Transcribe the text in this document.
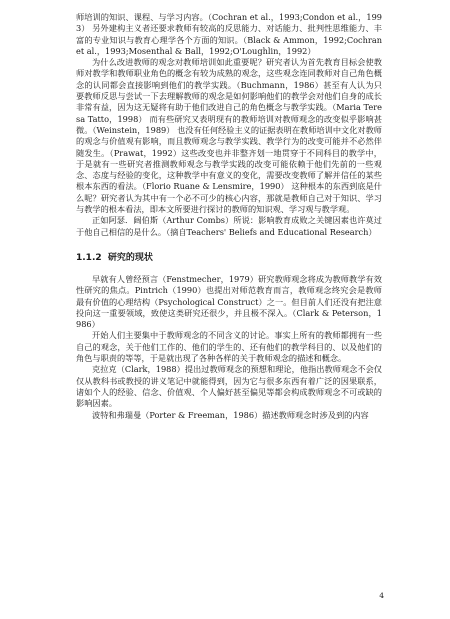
师培训的知识、课程、与学习内容。（Cochran et al.，1993;Condon et al.，1993） 另外建构主义者还要求教师有较高的反思能力、对话能力、批判性思维能力、丰富的专业知识与教育心理学各个方面的知识。（Black & Ammon，1992;Cochran et al.，1993;Mosenthal & Ball，1992;O'Loughlin，1992）

为什么改进教师的观念对教师培训如此重要呢？研究者认为首先教育目标会使教师对教学和教师职业角色的概念有较为成熟的观念，这些观念连同教师对自己角色概念的认同都会直接影响到他们的教学实践。（Buchmann，1986）甚至有人认为只要教师反思与尝试一下去理解教师的观念是如何影响他们的教学会对他们自身的成长非常有益，因为这无疑将有助于他们改进自己的角色概念与教学实践。（Maria Teresa Tatto，1998） 而有些研究又表明现有的教师培训对教师观念的改变似乎影响甚微。（Weinstein，1989） 也没有任何经验主义的证据表明在教师培训中文化对教师的观念与价值观有影响，而且教师观念与教学实践、教学行为的改变可能并不必然伴随发生。（Prawat，1992）这些改变也并非整齐划一地贯穿于不同科目的教学中，于是就有一些研究者推测教师观念与教学实践的改变可能依赖于他们先前的一些观念、态度与经验的变化，这种教学中有意义的变化，需要改变教师了解并信任的某些根本东西的看法。（Florio Ruane & Lensmire，1990） 这种根本的东西到底是什么呢？研究者认为其中有一个必不可少的核心内容，那就是教师自己对于知识、学习与教学的根本看法，即本文所要进行探讨的教师的知识观、学习观与教学观。

正如阿瑟．阔伯斯（Arthur Combs）所说：影响教育成败之关键因素也许莫过于他自己相信的是什么。（摘自Teachers' Beliefs and Educational Research）

1.1.2 研究的现状

早就有人曾经预言（Fenstmecher，1979）研究教师观念将成为教师教学有效性研究的焦点。Pintrich（1990）也提出对师范教育而言，教师观念终究会是教师最有价值的心理结构（Psychological Construct）之一。但目前人们还没有把注意投向这一重要领域，致使这类研究还很少，并且极不深入。（Clark & Peterson，1986）

开始人们主要集中于教师观念的不同含义的讨论。事实上所有的教师都拥有一些自己的观念，关于他们工作的、他们的学生的、还有他们的教学科目的、以及他们的角色与职责的等等，于是就出现了各种各样的关于教师观念的描述和概念。

克拉克（Clark，1988）提出过教师观念的预想和理论，他指出教师观念不会仅仅从教科书或教授的讲义笔记中就能得到，因为它与很多东西有着广泛的因果联系，诸如个人的经验、信念、价值观、个人偏好甚至偏见等都会构成教师观念不可或缺的影响因素。

波特和弗瑞曼（Porter & Freeman，1986）描述教师观念时涉及到的内容

4
